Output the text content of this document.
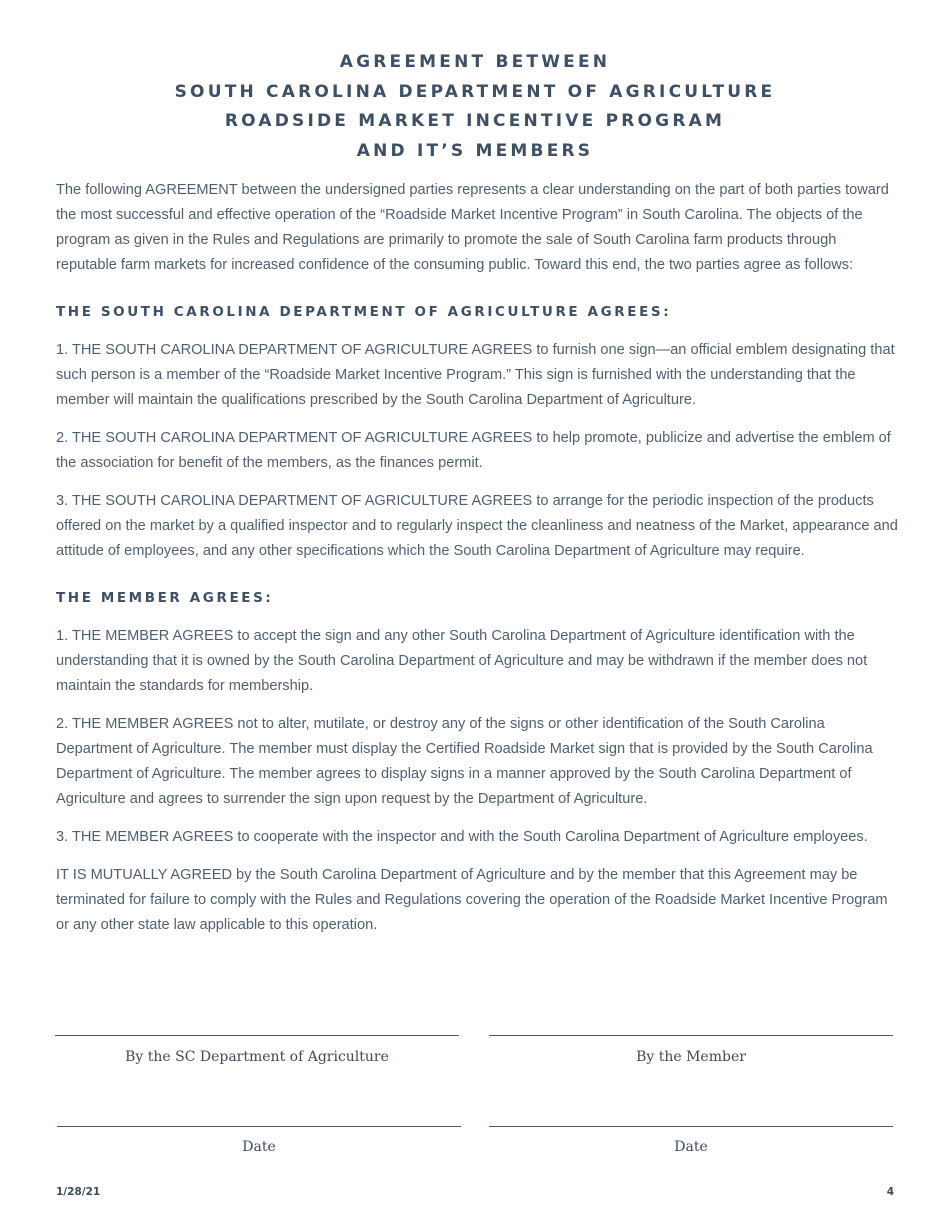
AGREEMENT BETWEEN
SOUTH CAROLINA DEPARTMENT OF AGRICULTURE
ROADSIDE MARKET INCENTIVE PROGRAM
AND IT’S MEMBERS

The following AGREEMENT between the undersigned parties represents a clear understanding on the part of both parties toward the most successful and effective operation of the “Roadside Market Incentive Program” in South Carolina. The objects of the program as given in the Rules and Regulations are primarily to promote the sale of South Carolina farm products through reputable farm markets for increased confidence of the consuming public. Toward this end, the two parties agree as follows:

THE SOUTH CAROLINA DEPARTMENT OF AGRICULTURE AGREES:

1. THE SOUTH CAROLINA DEPARTMENT OF AGRICULTURE AGREES to furnish one sign—an official emblem designating that such person is a member of the “Roadside Market Incentive Program.” This sign is furnished with the understanding that the member will maintain the qualifications prescribed by the South Carolina Department of Agriculture.

2. THE SOUTH CAROLINA DEPARTMENT OF AGRICULTURE AGREES to help promote, publicize and advertise the emblem of the association for benefit of the members, as the finances permit.

3. THE SOUTH CAROLINA DEPARTMENT OF AGRICULTURE AGREES to arrange for the periodic inspection of the products offered on the market by a qualified inspector and to regularly inspect the cleanliness and neatness of the Market, appearance and attitude of employees, and any other specifications which the South Carolina Department of Agriculture may require.

THE MEMBER AGREES:

1. THE MEMBER AGREES to accept the sign and any other South Carolina Department of Agriculture identification with the understanding that it is owned by the South Carolina Department of Agriculture and may be withdrawn if the member does not maintain the standards for membership.

2. THE MEMBER AGREES not to alter, mutilate, or destroy any of the signs or other identification of the South Carolina Department of Agriculture. The member must display the Certified Roadside Market sign that is provided by the South Carolina Department of Agriculture. The member agrees to display signs in a manner approved by the South Carolina Department of Agriculture and agrees to surrender the sign upon request by the Department of Agriculture.

3. THE MEMBER AGREES to cooperate with the inspector and with the South Carolina Department of Agriculture employees.

IT IS MUTUALLY AGREED by the South Carolina Department of Agriculture and by the member that this Agreement may be terminated for failure to comply with the Rules and Regulations covering the operation of the Roadside Market Incentive Program or any other state law applicable to this operation.

By the SC Department of Agriculture	By the Member
Date	Date
1/28/21	4
